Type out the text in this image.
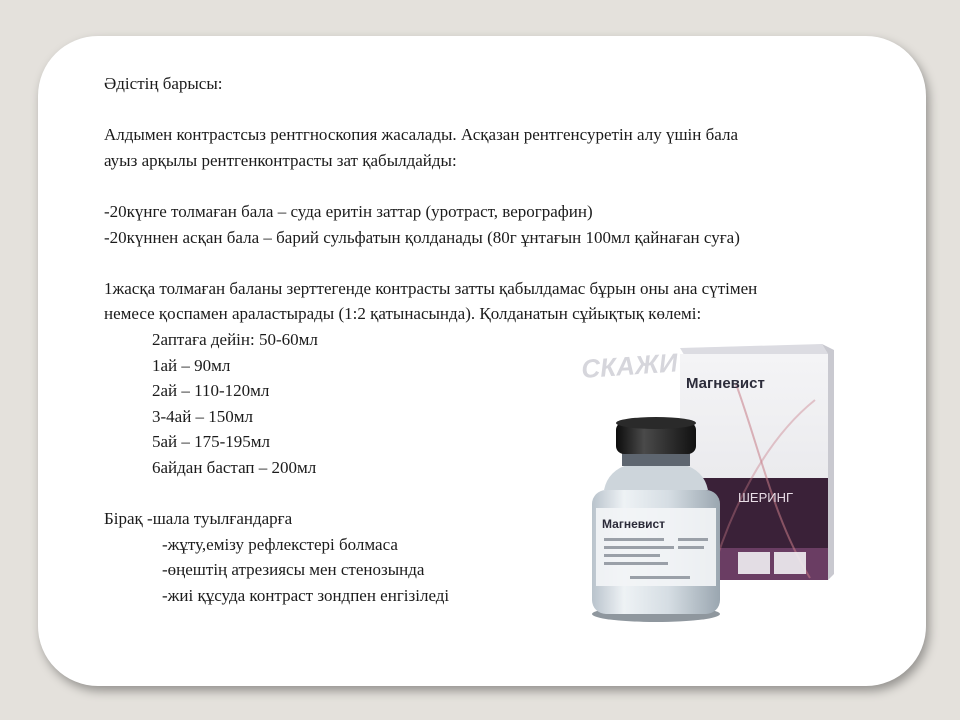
Әдістің барысы:
Алдымен контрастсыз рентгноскопия жасалады. Асқазан рентгенсуретін алу үшін бала
ауыз арқылы рентгенконтрасты зат қабылдайды:
-20күнге толмаған бала – суда еритін заттар (уротраст, верографин)
-20күннен асқан бала – барий сульфатын қолданады (80г ұнтағын 100мл қайнаған суға)
1жасқа толмаған баланы зерттегенде контрасты затты қабылдамас бұрын оны ана сүтімен
немесе қоспамен араластырады (1:2 қатынасында). Қолданатын сұйықтық көлемі:
2аптаға дейін: 50-60мл
1ай – 90мл
2ай – 110-120мл
3-4ай – 150мл
5ай – 175-195мл
6айдан бастап – 200мл
Бірақ -шала туылғандарға
-жұту,емізу рефлекстері болмаса
-өңештің атрезиясы мен стенозында
-жиі құсуда контраст зондпен енгізіледі
СКАЖИ Магневист
ШЕРИНГ
Магневист
